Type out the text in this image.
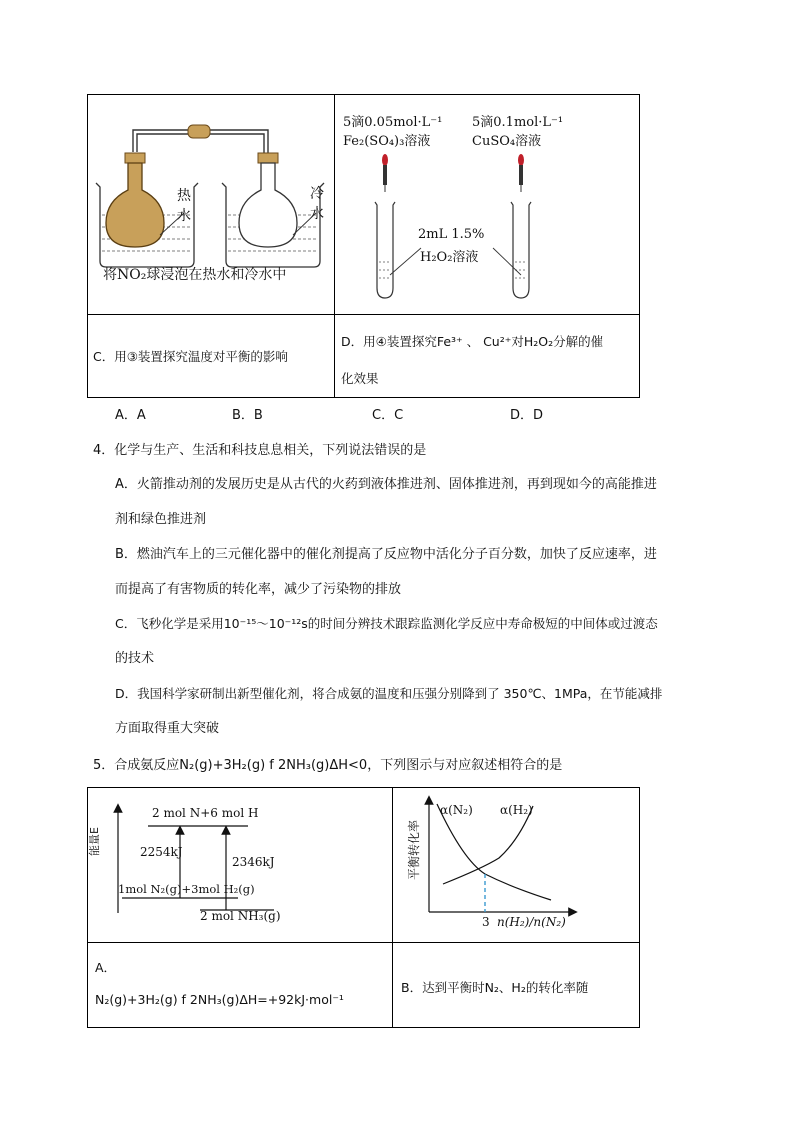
热
水
冷
水
将NO₂球浸泡在热水和冷水中
5滴0.05mol·L⁻¹
Fe₂(SO₄)₃溶液
5滴0.1mol·L⁻¹
CuSO₄溶液
2mL 1.5%
H₂O₂溶液
C．用③装置探究温度对平衡的影响
D．用④装置探究Fe³⁺ 、 Cu²⁺对H₂O₂分解的催
化效果
A．A	B．B	C．C	D．D
4．化学与生产、生活和科技息息相关，下列说法错误的是
A．火箭推动剂的发展历史是从古代的火药到液体推进剂、固体推进剂，再到现如今的高能推进
剂和绿色推进剂
B．燃油汽车上的三元催化器中的催化剂提高了反应物中活化分子百分数，加快了反应速率，进
而提高了有害物质的转化率，减少了污染物的排放
C．飞秒化学是采用10⁻¹⁵～10⁻¹²s的时间分辨技术跟踪监测化学反应中寿命极短的中间体或过渡态
的技术
D．我国科学家研制出新型催化剂，将合成氨的温度和压强分别降到了 350℃、1MPa，在节能减排
方面取得重大突破
5．合成氨反应N₂(g)+3H₂(g) f 2NH₃(g)ΔH<0，下列图示与对应叙述相符合的是
2 mol N+6 mol H
2254kJ
2346kJ
1mol N₂(g)+3mol H₂(g)
2 mol NH₃(g)
能量E	平衡转化率
α(N₂) α(H₂)
3 n(H₂)/n(N₂)
A．
N₂(g)+3H₂(g) f 2NH₃(g)ΔH=+92kJ·mol⁻¹
B．达到平衡时N₂、H₂的转化率随
